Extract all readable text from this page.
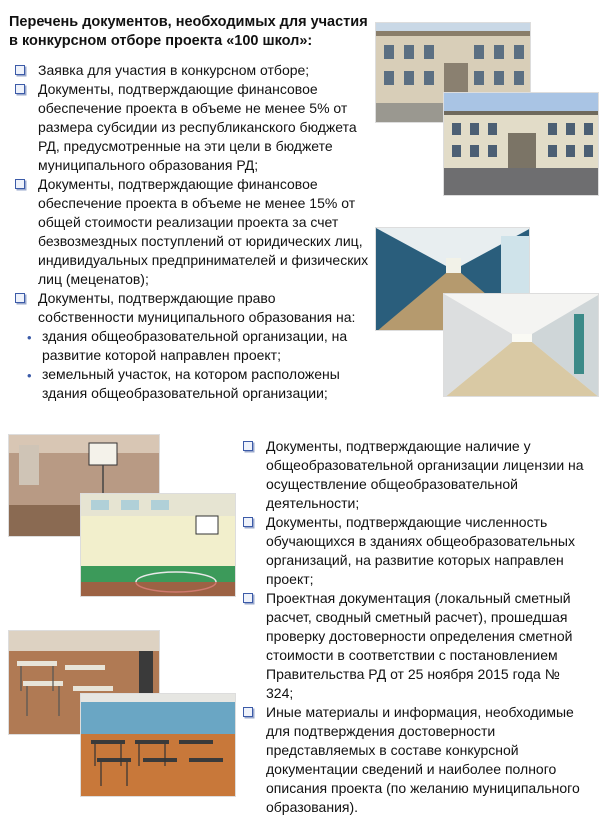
Перечень документов, необходимых для участия в конкурсном отборе проекта «100 школ»:
Заявка для участия в конкурсном отборе;
Документы, подтверждающие финансовое обеспечение проекта в объеме не менее 5% от размера субсидии из республиканского бюджета РД, предусмотренные на эти цели в бюджете муниципального образования РД;
Документы, подтверждающие финансовое обеспечение проекта в объеме не менее 15% от общей стоимости реализации проекта за счет безвозмездных поступлений от юридических лиц, индивидуальных предпринимателей и физических лиц (меценатов);
Документы, подтверждающие право собственности муниципального образования на:
• здания общеобразовательной организации, на развитие которой направлен проект;
• земельный участок, на котором расположены здания общеобразовательной организации;
Документы, подтверждающие наличие у общеобразовательной организации лицензии на осуществление общеобразовательной деятельности;
Документы, подтверждающие численность обучающихся в зданиях общеобразовательных организаций, на развитие которых направлен проект;
Проектная документация (локальный сметный расчет, сводный сметный расчет), прошедшая проверку достоверности определения сметной стоимости в соответствии с постановлением Правительства РД от 25 ноября 2015 года № 324;
Иные материалы и информация, необходимые для подтверждения достоверности представляемых в составе конкурсной документации сведений и наиболее полного описания проекта (по желанию муниципального образования).
